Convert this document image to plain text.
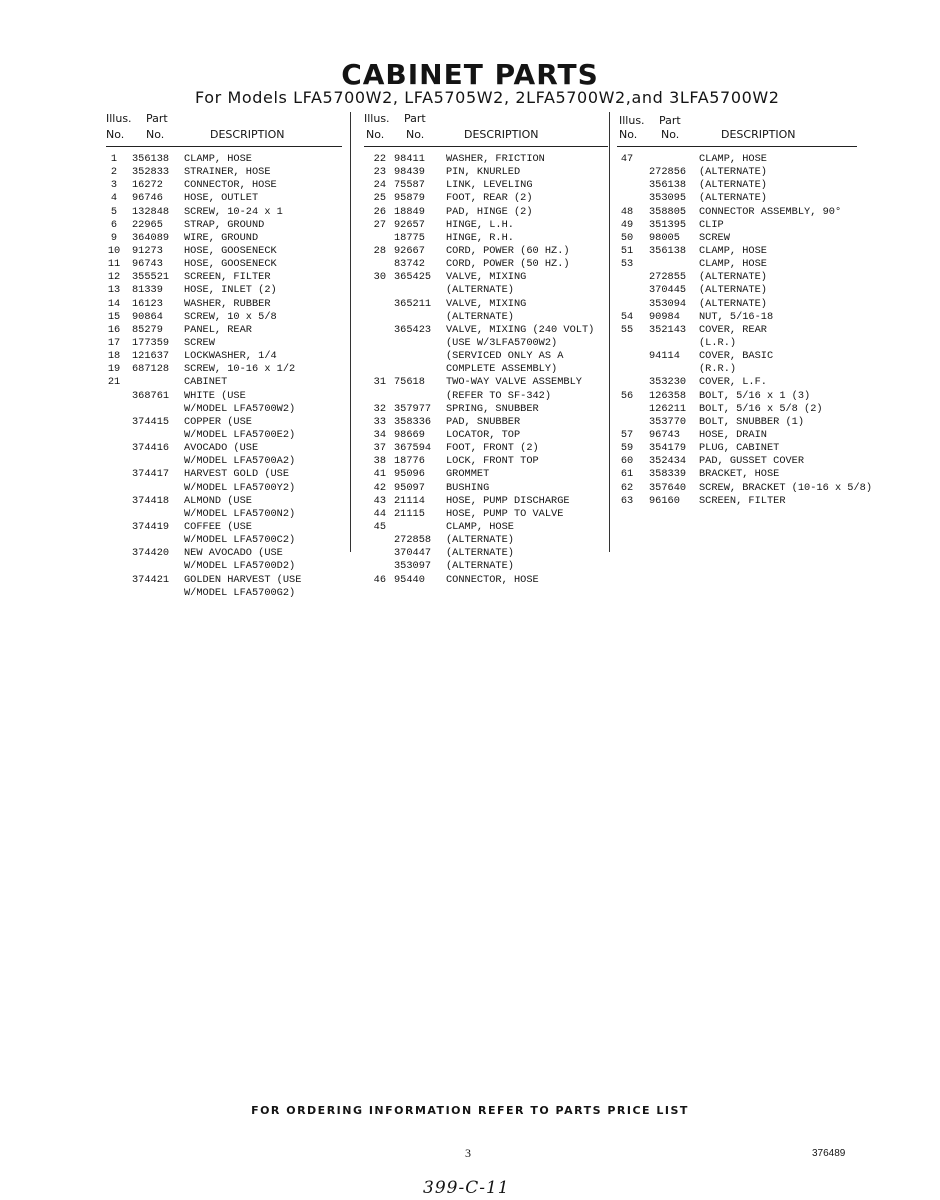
CABINET PARTS
For Models LFA5700W2, LFA5705W2, 2LFA5700W2,and 3LFA5700W2
Illus. Part
No. No.	DESCRIPTION
1	356138 CLAMP, HOSE
2	352833 STRAINER, HOSE
3	16272 CONNECTOR, HOSE
4	96746 HOSE, OUTLET
5	132848 SCREW, 10-24 x 1
6	22965 STRAP, GROUND
9	364089 WIRE, GROUND
10 91273 HOSE, GOOSENECK
11 96743 HOSE, GOOSENECK
12 355521 SCREEN, FILTER
13 81339 HOSE, INLET (2)
14 16123 WASHER, RUBBER
15 90864 SCREW, 10 x 5/8
16 85279 PANEL, REAR
17 177359 SCREW
18 121637 LOCKWASHER, 1/4
19 687128 SCREW, 10-16 x 1/2
21	CABINET
368761 WHITE (USE
W/MODEL LFA5700W2)
374415 COPPER (USE
W/MODEL LFA5700E2)
374416 AVOCADO (USE
W/MODEL LFA5700A2)
374417 HARVEST GOLD (USE
W/MODEL LFA5700Y2)
374418 ALMOND (USE
W/MODEL LFA5700N2)
374419 COFFEE (USE
W/MODEL LFA5700C2)
374420 NEW AVOCADO (USE
W/MODEL LFA5700D2)
374421 GOLDEN HARVEST (USE
W/MODEL LFA5700G2)
Illus. Part
No. No.	DESCRIPTION
22 98411 WASHER, FRICTION
23 98439 PIN, KNURLED
24 75587 LINK, LEVELING
25 95879 FOOT, REAR (2)
26 18849 PAD, HINGE (2)
27 92657 HINGE, L.H.
18775 HINGE, R.H.
28 92667 CORD, POWER (60 HZ.)
83742 CORD, POWER (50 HZ.)
30 365425 VALVE, MIXING
(ALTERNATE)
365211 VALVE, MIXING
(ALTERNATE)
365423 VALVE, MIXING (240 VOLT)
(USE W/3LFA5700W2)
(SERVICED ONLY AS A
COMPLETE ASSEMBLY)
31 75618 TWO-WAY VALVE ASSEMBLY
(REFER TO SF-342)
32 357977 SPRING, SNUBBER
33 358336 PAD, SNUBBER
34 98669 LOCATOR, TOP
37 367594 FOOT, FRONT (2)
38 18776 LOCK, FRONT TOP
41 95096 GROMMET
42 95097 BUSHING
43 21114 HOSE, PUMP DISCHARGE
44 21115 HOSE, PUMP TO VALVE
45	CLAMP, HOSE
272858 (ALTERNATE)
370447 (ALTERNATE)
353097 (ALTERNATE)
46 95440 CONNECTOR, HOSE
Illus. Part
No. No.	DESCRIPTION
47	CLAMP, HOSE
272856 (ALTERNATE)
356138 (ALTERNATE)
353095 (ALTERNATE)
48	358805 CONNECTOR ASSEMBLY, 90°
49	351395 CLIP
50	98005 SCREW
51	356138 CLAMP, HOSE
53	CLAMP, HOSE
272855 (ALTERNATE)
370445 (ALTERNATE)
353094 (ALTERNATE)
54	90984 NUT, 5/16-18
55	352143 COVER, REAR
(L.R.)
94114 COVER, BASIC
(R.R.)
353230 COVER, L.F.
56	126358 BOLT, 5/16 x 1 (3)
126211 BOLT, 5/16 x 5/8 (2)
353770 BOLT, SNUBBER (1)
57	96743 HOSE, DRAIN
59	354179 PLUG, CABINET
60	352434 PAD, GUSSET COVER
61	358339 BRACKET, HOSE
62	357640 SCREW, BRACKET (10-16 x 5/8)
63	96160 SCREEN, FILTER
FOR ORDERING INFORMATION REFER TO PARTS PRICE LIST
3	376489
399-C-11
